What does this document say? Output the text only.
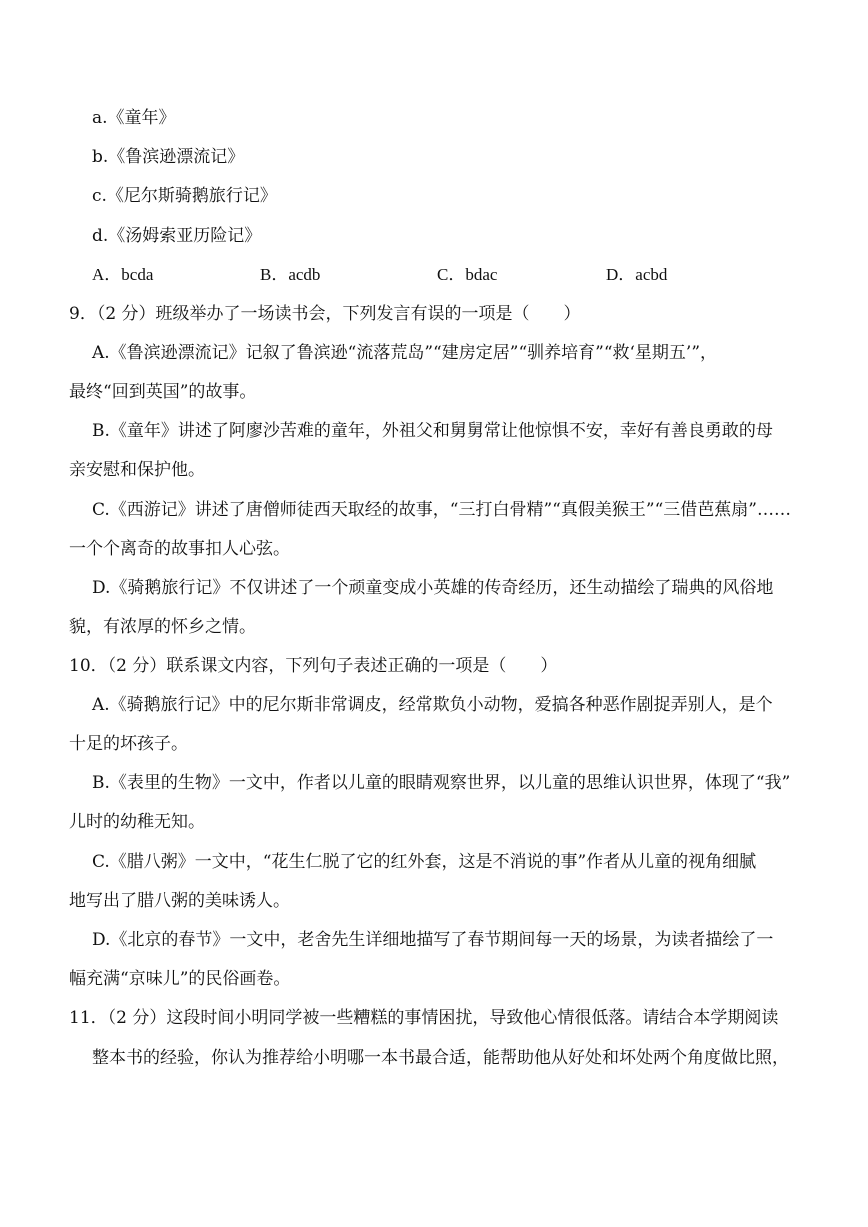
a.《童年》
b.《鲁滨逊漂流记》
c.《尼尔斯骑鹅旅行记》
d.《汤姆索亚历险记》
A．bcda	B．acdb	C．bdac	D．acbd
9．（2 分）班级举办了一场读书会，下列发言有误的一项是（　　）
A.《鲁滨逊漂流记》记叙了鲁滨逊“流落荒岛”“建房定居”“驯养培育”“救‘星期五’”，
最终“回到英国”的故事。
B.《童年》讲述了阿廖沙苦难的童年，外祖父和舅舅常让他惊惧不安，幸好有善良勇敢的母
亲安慰和保护他。
C.《西游记》讲述了唐僧师徒西天取经的故事，“三打白骨精”“真假美猴王”“三借芭蕉扇”……
一个个离奇的故事扣人心弦。
D.《骑鹅旅行记》不仅讲述了一个顽童变成小英雄的传奇经历，还生动描绘了瑞典的风俗地
貌，有浓厚的怀乡之情。
10．（2 分）联系课文内容，下列句子表述正确的一项是（　　）
A.《骑鹅旅行记》中的尼尔斯非常调皮，经常欺负小动物，爱搞各种恶作剧捉弄别人，是个
十足的坏孩子。
B.《表里的生物》一文中，作者以儿童的眼睛观察世界，以儿童的思维认识世界，体现了“我”
儿时的幼稚无知。
C.《腊八粥》一文中，“花生仁脱了它的红外套，这是不消说的事”作者从儿童的视角细腻
地写出了腊八粥的美味诱人。
D.《北京的春节》一文中，老舍先生详细地描写了春节期间每一天的场景，为读者描绘了一
幅充满“京味儿”的民俗画卷。
11．（2 分）这段时间小明同学被一些糟糕的事情困扰，导致他心情很低落。请结合本学期阅读
整本书的经验，你认为推荐给小明哪一本书最合适，能帮助他从好处和坏处两个角度做比照，
